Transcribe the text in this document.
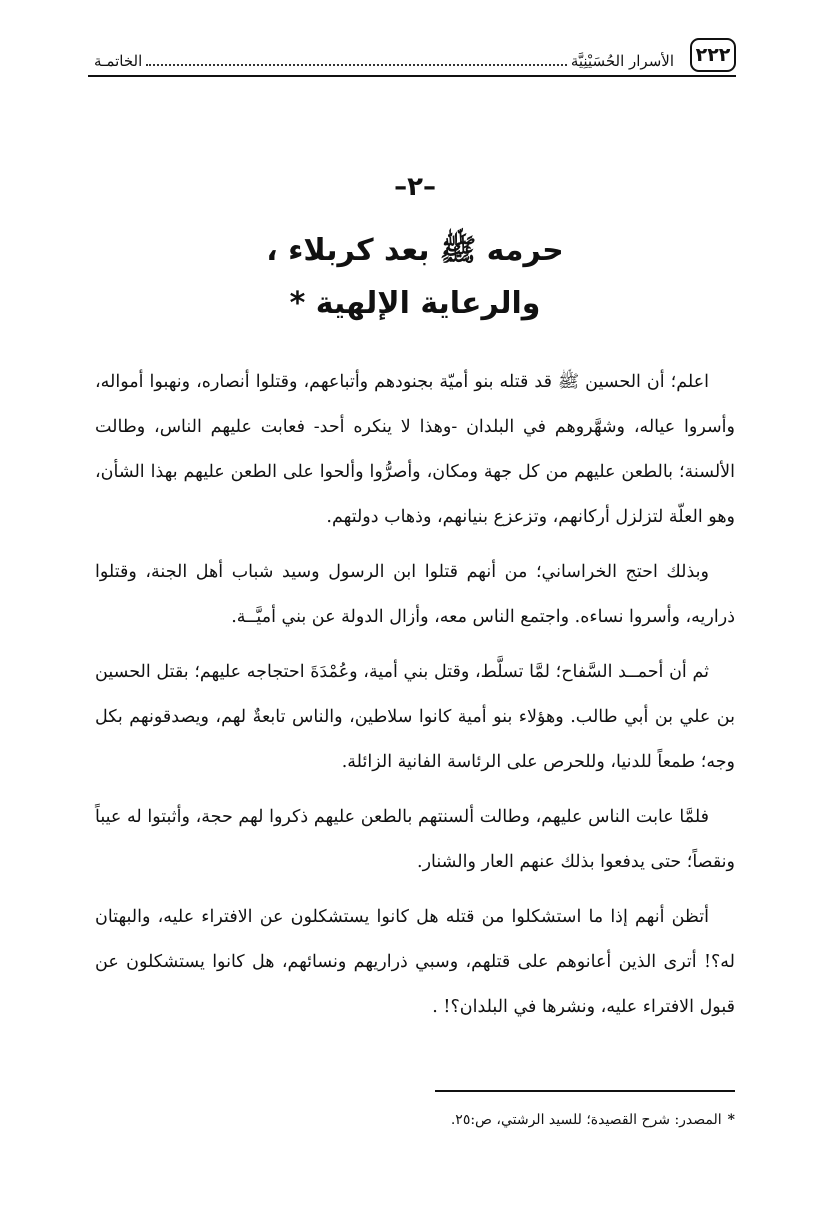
٢٢٢
الأسرار الحُسَيْنِيَّة
الخاتمـة
–٢–
حرمه ﷺ بعد كربلاء ،
والرعاية الإلهية *

اعلم؛ أن الحسين ﷺ قد قتله بنو أميّة بجنودهم وأتباعهم، وقتلوا أنصاره، ونهبوا أمواله، وأسروا عياله، وشهَّروهم في البلدان -وهذا لا ينكره أحد- فعابت عليهم الناس، وطالت الألسنة؛ بالطعن عليهم من كل جهة ومكان، وأصرُّوا وألحوا على الطعن عليهم بهذا الشأن، وهو العلّة لتزلزل أركانهم، وتزعزع بنيانهم، وذهاب دولتهم.

وبذلك احتج الخراساني؛ من أنهم قتلوا ابن الرسول وسيد شباب أهل الجنة، وقتلوا ذراريه، وأسروا نساءه. واجتمع الناس معه، وأزال الدولة عن بني أميَّــة.

ثم أن أحمــد السَّفاح؛ لمَّا تسلَّط، وقتل بني أمية، وعُمْدَةَ احتجاجه عليهم؛ بقتل الحسين بن علي بن أبي طالب. وهؤلاء بنو أمية كانوا سلاطين، والناس تابعةٌ لهم، ويصدقونهم بكل وجه؛ طمعاً للدنيا، وللحرص على الرئاسة الفانية الزائلة.

فلمَّا عابت الناس عليهم، وطالت ألسنتهم بالطعن عليهم ذكروا لهم حجة، وأثبتوا له عيباً ونقصاً؛ حتى يدفعوا بذلك عنهم العار والشنار.

أتظن أنهم إذا ما استشكلوا من قتله هل كانوا يستشكلون عن الافتراء عليه، والبهتان له؟! أترى الذين أعانوهم على قتلهم، وسبي ذراريهم ونسائهم، هل كانوا يستشكلون عن قبول الافتراء عليه، ونشرها في البلدان؟! .

*المصدر: شرح القصيدة؛ للسيد الرشتي، ص:٢٥.
